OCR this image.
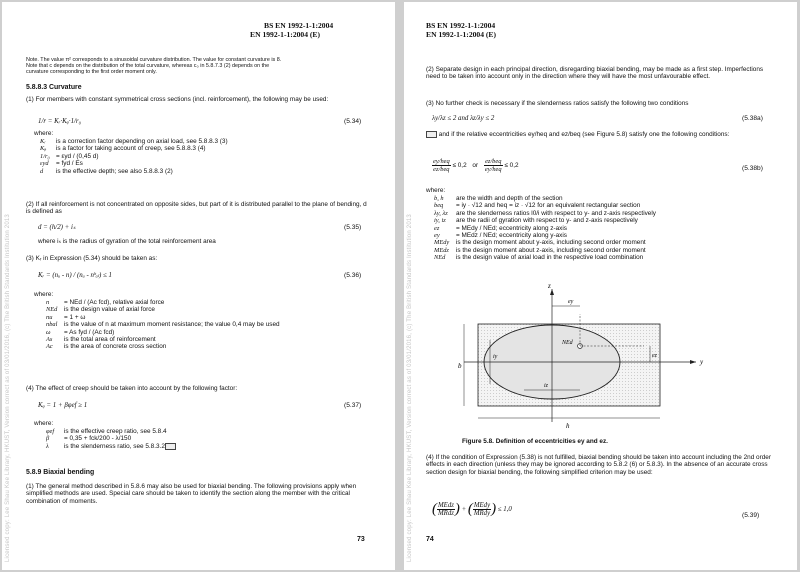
Licensed copy: Lee Shau Kee Library, HKUST, Version correct as of 03/01/2016, (c) The British Standards Institution 2013
BS EN 1992-1-1:2004
EN 1992-1-1:2004 (E)
Note. The value π² corresponds to a sinusoidal curvature distribution. The value for constant curvature is 8.
Note that c depends on the distribution of the total curvature, whereas c₀ in 5.8.7.3 (2) depends on the
curvature corresponding to the first order moment only.
5.8.8.3 Curvature
(1) For members with constant symmetrical cross sections (incl. reinforcement), the following may be used:
1/r = Kᵣ·Kᵩ·1/r₀	(5.34)
where:
Kᵣ	is a correction factor depending on axial load, see 5.8.8.3 (3)
Kᵩ	is a factor for taking account of creep, see 5.8.8.3 (4)
1/r₀ = εyd / (0,45 d)
εyd	= fyd / Es
d	is the effective depth; see also 5.8.8.3 (2)
(2) If all reinforcement is not concentrated on opposite sides, but part of it is distributed parallel to the plane of bending, d is defined as
d = (h/2) + iₛ	(5.35)
where iₛ is the radius of gyration of the total reinforcement area
(3) Kᵣ in Expression (5.34) should be taken as:
Kᵣ = (nᵤ - n) / (nᵤ - nᵇₐₗ) ≤ 1	(5.36)
where:
n	= NEd / (Ac fcd), relative axial force
NEd	is the design value of axial force
nu	= 1 + ω
nbal	is the value of n at maximum moment resistance; the value 0,4 may be used
ω	= As fyd / (Ac fcd)
As	is the total area of reinforcement
Ac	is the area of concrete cross section
(4) The effect of creep should be taken into account by the following factor:
Kᵩ = 1 + βφef ≥ 1	(5.37)
where:
φef	is the effective creep ratio, see 5.8.4
β	= 0,35 + fck/200 - λ/150
λ	is the slenderness ratio, see 5.8.3.2
5.8.9 Biaxial bending
(1) The general method described in 5.8.6 may also be used for biaxial bending. The following provisions apply when simplified methods are used. Special care should be taken to identify the section along the member with the critical combination of moments.
73	Licensed copy: Lee Shau Kee Library, HKUST, Version correct as of 03/01/2016, (c) The British Standards Institution 2013
BS EN 1992-1-1:2004
EN 1992-1-1:2004 (E)
(2) Separate design in each principal direction, disregarding biaxial bending, may be made as a first step. Imperfections need to be taken into account only in the direction where they will have the most unfavourable effect.
(3) No further check is necessary if the slenderness ratios satisfy the following two conditions
λy/λz ≤ 2 and λz/λy ≤ 2	(5.38a)
and if the relative eccentricities ey/heq and ez/beq (see Figure 5.8) satisfy one the following conditions:
$\frac{\text{ey/heq}}{\text{ez/beq}} \le 0,2$ or $\frac{\text{ez/beq}}{\text{ey/heq}} \le 0,2$	(5.38b)
where:
b, h	are the width and depth of the section
beq	= iy · √12 and heq = iz · √12 for an equivalent rectangular section
λy, λz	are the slenderness ratios l0/i with respect to y- and z-axis respectively
iy, iz	are the radii of gyration with respect to y- and z-axis respectively
ez	= MEdy / NEd; eccentricity along z-axis
ey	= MEdz / NEd; eccentricity along y-axis
MEdy	is the design moment about y-axis, including second order moment
MEdz	is the design moment about z-axis, including second order moment
NEd	is the design value of axial load in the respective load combination
z
y
NEd
ey
ez
b
iy
iz
h
Figure 5.8. Definition of eccentricities ey and ez.
(4) If the condition of Expression (5.38) is not fulfilled, biaxial bending should be taken into account including the 2nd order effects in each direction (unless they may be ignored according to 5.8.2 (6) or 5.8.3). In the absence of an accurate cross section design for biaxial bending, the following simplified criterion may be used:
( $\frac{\text{MEdz}}{\text{MRdz}}$ ) + ( $\frac{\text{MEdy}}{\text{MRdy}}$ ) ≤ 1,0
(5.39)
74
